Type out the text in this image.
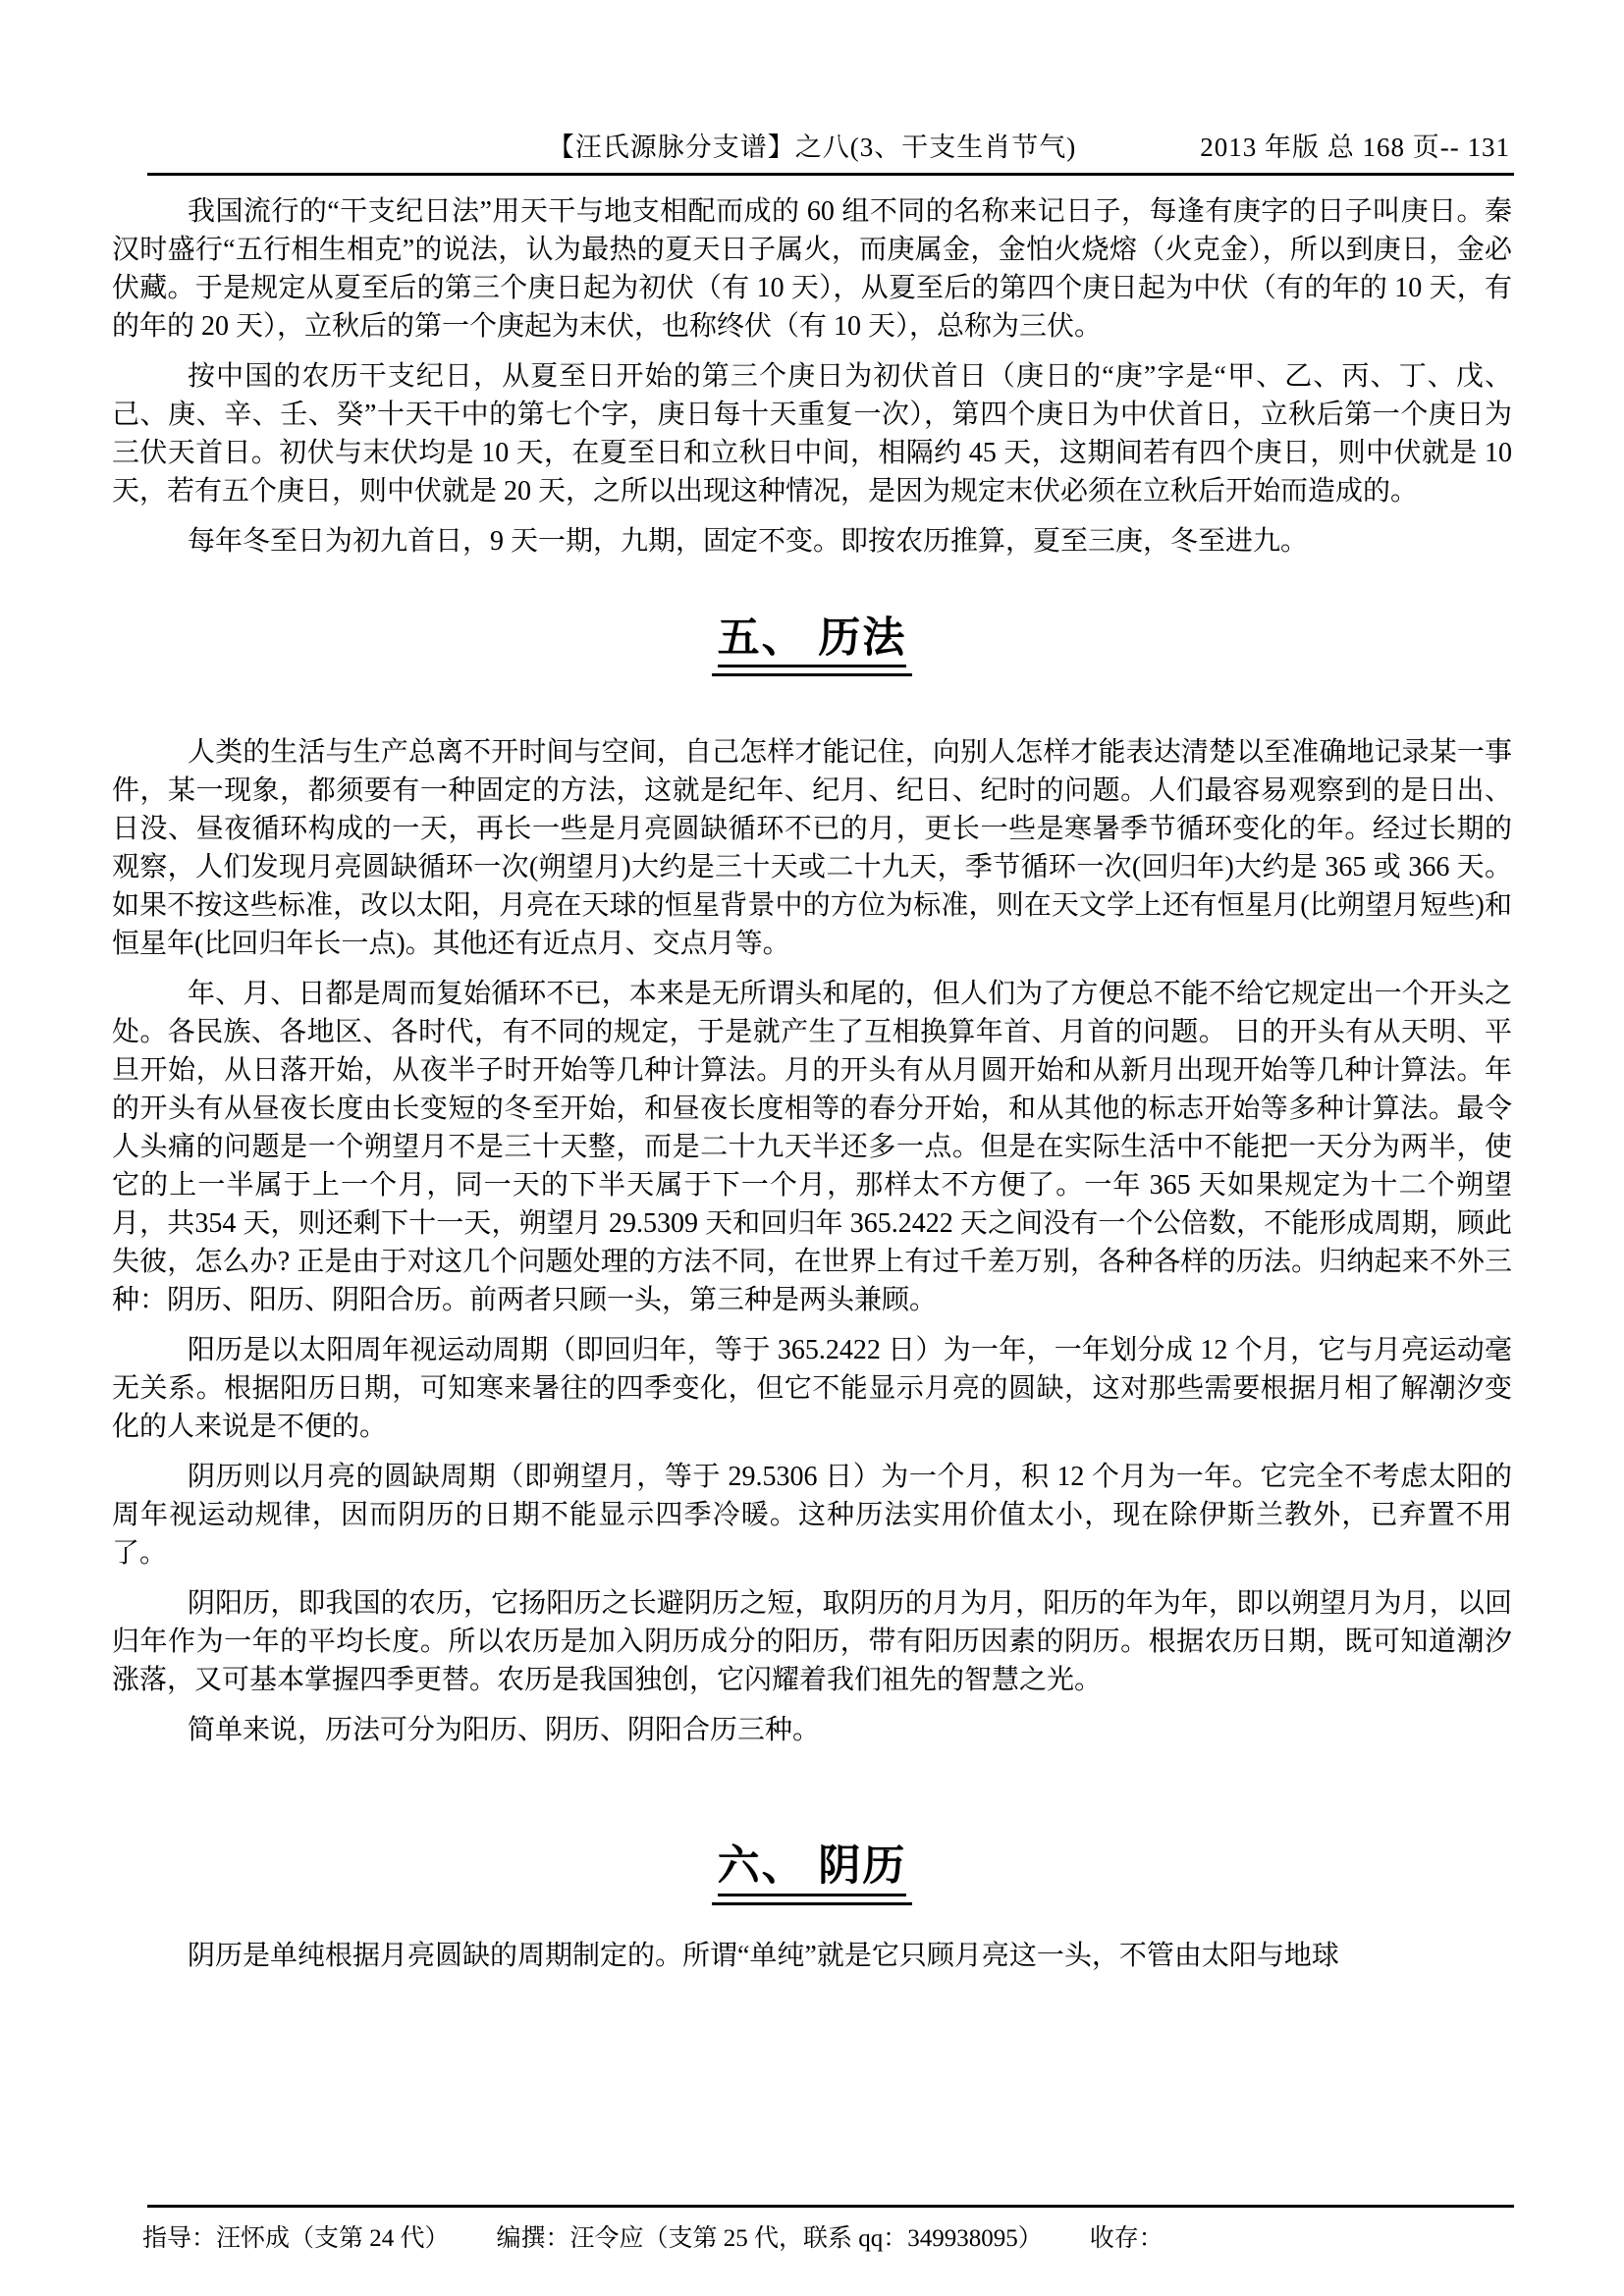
【汪氏源脉分支谱】之八(3、干支生肖节气)	2013 年版 总 168 页-- 131

我国流行的“干支纪日法”用天干与地支相配而成的 60 组不同的名称来记日子，每逢有庚字的日子叫庚日。秦汉时盛行“五行相生相克”的说法，认为最热的夏天日子属火，而庚属金，金怕火烧熔（火克金），所以到庚日，金必伏藏。于是规定从夏至后的第三个庚日起为初伏（有 10 天），从夏至后的第四个庚日起为中伏（有的年的 10 天，有的年的 20 天），立秋后的第一个庚起为末伏，也称终伏（有 10 天），总称为三伏。

按中国的农历干支纪日，从夏至日开始的第三个庚日为初伏首日（庚日的“庚”字是“甲、乙、丙、丁、戊、己、庚、辛、壬、癸”十天干中的第七个字，庚日每十天重复一次），第四个庚日为中伏首日，立秋后第一个庚日为三伏天首日。初伏与末伏均是 10 天，在夏至日和立秋日中间，相隔约 45 天，这期间若有四个庚日，则中伏就是 10 天，若有五个庚日，则中伏就是 20 天，之所以出现这种情况，是因为规定末伏必须在立秋后开始而造成的。

每年冬至日为初九首日，9 天一期，九期，固定不变。即按农历推算，夏至三庚，冬至进九。

五、 历法

人类的生活与生产总离不开时间与空间，自己怎样才能记住，向别人怎样才能表达清楚以至准确地记录某一事件，某一现象，都须要有一种固定的方法，这就是纪年、纪月、纪日、纪时的问题。人们最容易观察到的是日出、日没、昼夜循环构成的一天，再长一些是月亮圆缺循环不已的月，更长一些是寒暑季节循环变化的年。经过长期的观察，人们发现月亮圆缺循环一次(朔望月)大约是三十天或二十九天，季节循环一次(回归年)大约是 365 或 366 天。如果不按这些标准，改以太阳，月亮在天球的恒星背景中的方位为标准，则在天文学上还有恒星月(比朔望月短些)和恒星年(比回归年长一点)。其他还有近点月、交点月等。

年、月、日都是周而复始循环不已，本来是无所谓头和尾的，但人们为了方便总不能不给它规定出一个开头之处。各民族、各地区、各时代，有不同的规定，于是就产生了互相换算年首、月首的问题。 日的开头有从天明、平旦开始，从日落开始，从夜半子时开始等几种计算法。月的开头有从月圆开始和从新月出现开始等几种计算法。年的开头有从昼夜长度由长变短的冬至开始，和昼夜长度相等的春分开始，和从其他的标志开始等多种计算法。最令人头痛的问题是一个朔望月不是三十天整，而是二十九天半还多一点。但是在实际生活中不能把一天分为两半，使它的上一半属于上一个月，同一天的下半天属于下一个月，那样太不方便了。一年 365 天如果规定为十二个朔望月，共354 天，则还剩下十一天，朔望月 29.5309 天和回归年 365.2422 天之间没有一个公倍数，不能形成周期，顾此失彼，怎么办? 正是由于对这几个问题处理的方法不同，在世界上有过千差万别，各种各样的历法。归纳起来不外三种：阴历、阳历、阴阳合历。前两者只顾一头，第三种是两头兼顾。

阳历是以太阳周年视运动周期（即回归年，等于 365.2422 日）为一年，一年划分成 12 个月，它与月亮运动毫无关系。根据阳历日期，可知寒来暑往的四季变化，但它不能显示月亮的圆缺，这对那些需要根据月相了解潮汐变化的人来说是不便的。

阴历则以月亮的圆缺周期（即朔望月，等于 29.5306 日）为一个月，积 12 个月为一年。它完全不考虑太阳的周年视运动规律，因而阴历的日期不能显示四季冷暖。这种历法实用价值太小，现在除伊斯兰教外，已弃置不用了。

阴阳历，即我国的农历，它扬阳历之长避阴历之短，取阴历的月为月，阳历的年为年，即以朔望月为月，以回归年作为一年的平均长度。所以农历是加入阴历成分的阳历，带有阳历因素的阴历。根据农历日期，既可知道潮汐涨落，又可基本掌握四季更替。农历是我国独创，它闪耀着我们祖先的智慧之光。

简单来说，历法可分为阳历、阴历、阴阳合历三种。

六、 阴历

阴历是单纯根据月亮圆缺的周期制定的。所谓“单纯”就是它只顾月亮这一头，不管由太阳与地球

指导：汪怀成（支第 24 代） 编撰：汪令应（支第 25 代，联系 qq：349938095） 收存：
